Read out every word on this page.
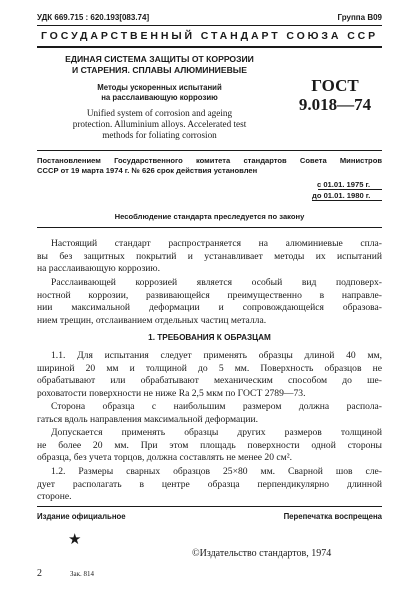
УДК 669.715 : 620.193[083.74]	Группа В09
ГОСУДАРСТВЕННЫЙ СТАНДАРТ СОЮЗА ССР
ЕДИНАЯ СИСТЕМА ЗАЩИТЫ ОТ КОРРОЗИИ
И СТАРЕНИЯ. СПЛАВЫ АЛЮМИНИЕВЫЕ
Методы ускоренных испытаний
на расслаивающую коррозию
Unified system of corrosion and ageing
protection. Alluminium alloys. Accelerated test
methods for foliating corrosion
ГОСТ
9.018—74
Постановлением Государственного комитета стандартов Совета Министров
СССР от 19 марта 1974 г. № 626 срок действия установлен
с 01.01. 1975 г.
до 01.01. 1980 г.
Несоблюдение стандарта преследуется по закону
Настоящий стандарт распространяется на алюминиевые спла-
вы без защитных покрытий и устанавливает методы их испытаний
на расслаивающую коррозию.
Расслаивающей коррозией является особый вид подповерх-
ностной коррозии, развивающейся преимущественно в направле-
нии максимальной деформации и сопровождающейся образова-
нием трещин, отслаиванием отдельных частиц металла.
1. ТРЕБОВАНИЯ К ОБРАЗЦАМ
1.1. Для испытания следует применять образцы длиной 40 мм,
шириной 20 мм и толщиной до 5 мм. Поверхность образцов не
обрабатывают или обрабатывают механическим способом до ше-
роховатости поверхности не ниже Ra 2,5 мкм по ГОСТ 2789—73.
Сторона образца с наибольшим размером должна распола-
гаться вдоль направления максимальной деформации.
Допускается применять образцы других размеров толщиной
не более 20 мм. При этом площадь поверхности одной стороны
образца, без учета торцов, должна составлять не менее 20 см².
1.2. Размеры сварных образцов 25×80 мм. Сварной шов сле-
дует располагать в центре образца перпендикулярно длинной
стороне.
Издание официальное	Перепечатка воспрещена
★
©Издательство стандартов, 1974
2	Зак. 814
